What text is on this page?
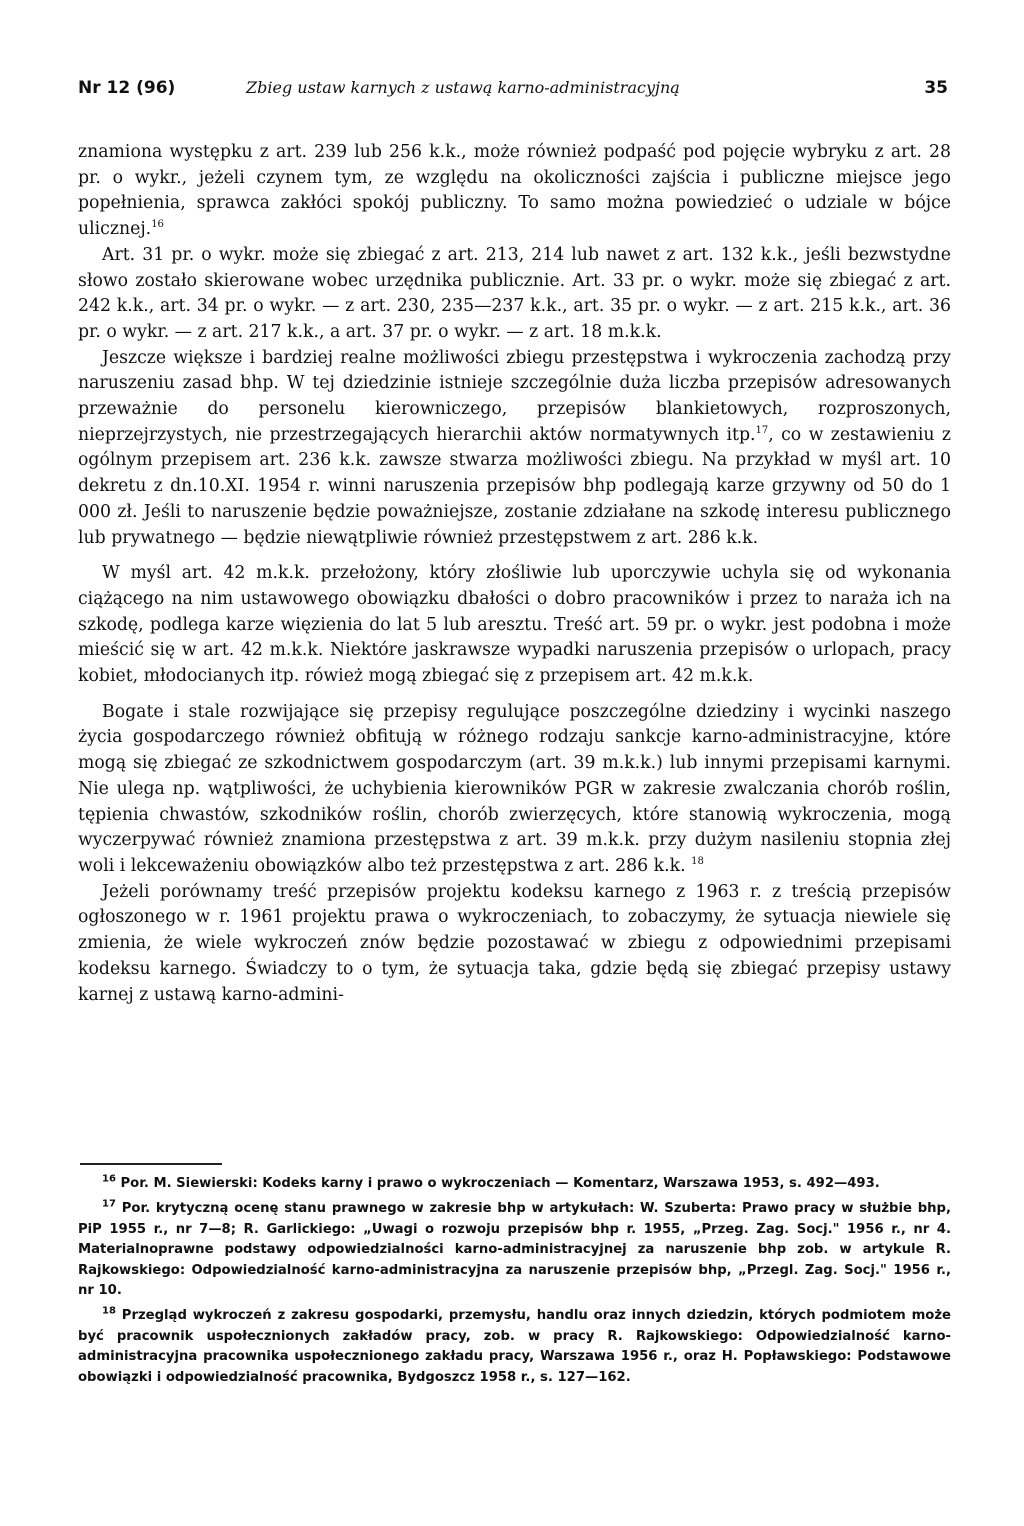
Nr 12 (96)	Zbieg ustaw karnych z ustawą karno-administracyjną	35

znamiona występku z art. 239 lub 256 k.k., może również podpaść pod pojęcie wybryku z art. 28 pr. o wykr., jeżeli czynem tym, ze względu na okoliczności zajścia i publiczne miejsce jego popełnienia, sprawca zakłóci spokój publiczny. To samo można powiedzieć o udziale w bójce ulicznej.$^{16}$

Art. 31 pr. o wykr. może się zbiegać z art. 213, 214 lub nawet z art. 132 k.k., jeśli bezwstydne słowo zostało skierowane wobec urzędnika publicznie. Art. 33 pr. o wykr. może się zbiegać z art. 242 k.k., art. 34 pr. o wykr. — z art. 230, 235—237 k.k., art. 35 pr. o wykr. — z art. 215 k.k., art. 36 pr. o wykr. — z art. 217 k.k., a art. 37 pr. o wykr. — z art. 18 m.k.k.

Jeszcze większe i bardziej realne możliwości zbiegu przestępstwa i wykroczenia zachodzą przy naruszeniu zasad bhp. W tej dziedzinie istnieje szczególnie duża liczba przepisów adresowanych przeważnie do personelu kierowniczego, przepisów blankietowych, rozproszonych, nieprzejrzystych, nie przestrzegających hierarchii aktów normatywnych itp.$^{17}$, co w zestawieniu z ogólnym przepisem art. 236 k.k. zawsze stwarza możliwości zbiegu. Na przykład w myśl art. 10 dekretu z dn.10.XI. 1954 r. winni naruszenia przepisów bhp podlegają karze grzywny od 50 do 1 000 zł. Jeśli to naruszenie będzie poważniejsze, zostanie zdziałane na szkodę interesu publicznego lub prywatnego — będzie niewątpliwie również przestępstwem z art. 286 k.k.

W myśl art. 42 m.k.k. przełożony, który złośliwie lub uporczywie uchyla się od wykonania ciążącego na nim ustawowego obowiązku dbałości o dobro pracowników i przez to naraża ich na szkodę, podlega karze więzienia do lat 5 lub aresztu. Treść art. 59 pr. o wykr. jest podobna i może mieścić się w art. 42 m.k.k. Niektóre jaskrawsze wypadki naruszenia przepisów o urlopach, pracy kobiet, młodocianych itp. rówież mogą zbiegać się z przepisem art. 42 m.k.k.

Bogate i stale rozwijające się przepisy regulujące poszczególne dziedziny i wycinki naszego życia gospodarczego również obfitują w różnego rodzaju sankcje karno-administracyjne, które mogą się zbiegać ze szkodnictwem gospodarczym (art. 39 m.k.k.) lub innymi przepisami karnymi. Nie ulega np. wątpliwości, że uchybienia kierowników PGR w zakresie zwalczania chorób roślin, tępienia chwastów, szkodników roślin, chorób zwierzęcych, które stanowią wykroczenia, mogą wyczerpywać również znamiona przestępstwa z art. 39 m.k.k. przy dużym nasileniu stopnia złej woli i lekceważeniu obowiązków albo też przestępstwa z art. 286 k.k. $^{18}$

Jeżeli porównamy treść przepisów projektu kodeksu karnego z 1963 r. z treścią przepisów ogłoszonego w r. 1961 projektu prawa o wykroczeniach, to zobaczymy, że sytuacja niewiele się zmienia, że wiele wykroczeń znów będzie pozostawać w zbiegu z odpowiednimi przepisami kodeksu karnego. Świadczy to o tym, że sytuacja taka, gdzie będą się zbiegać przepisy ustawy karnej z ustawą karno-admini-

$^{16}$ Por. M. Siewierski: Kodeks karny i prawo o wykroczeniach — Komentarz, Warszawa 1953, s. 492—493.

$^{17}$ Por. krytyczną ocenę stanu prawnego w zakresie bhp w artykułach: W. Szuberta: Prawo pracy w służbie bhp, PiP 1955 r., nr 7—8; R. Garlickiego: „Uwagi o rozwoju przepisów bhp r. 1955, „Przeg. Zag. Socj." 1956 r., nr 4. Materialnoprawne podstawy odpowiedzialności karno-administracyjnej za naruszenie bhp zob. w artykule R. Rajkowskiego: Odpowiedzialność karno-administracyjna za naruszenie przepisów bhp, „Przegl. Zag. Socj." 1956 r., nr 10.

$^{18}$ Przegląd wykroczeń z zakresu gospodarki, przemysłu, handlu oraz innych dziedzin, których podmiotem może być pracownik uspołecznionych zakładów pracy, zob. w pracy R. Rajkowskiego: Odpowiedzialność karno-administracyjna pracownika uspołecznionego zakładu pracy, Warszawa 1956 r., oraz H. Popławskiego: Podstawowe obowiązki i odpowiedzialność pracownika, Bydgoszcz 1958 r., s. 127—162.
